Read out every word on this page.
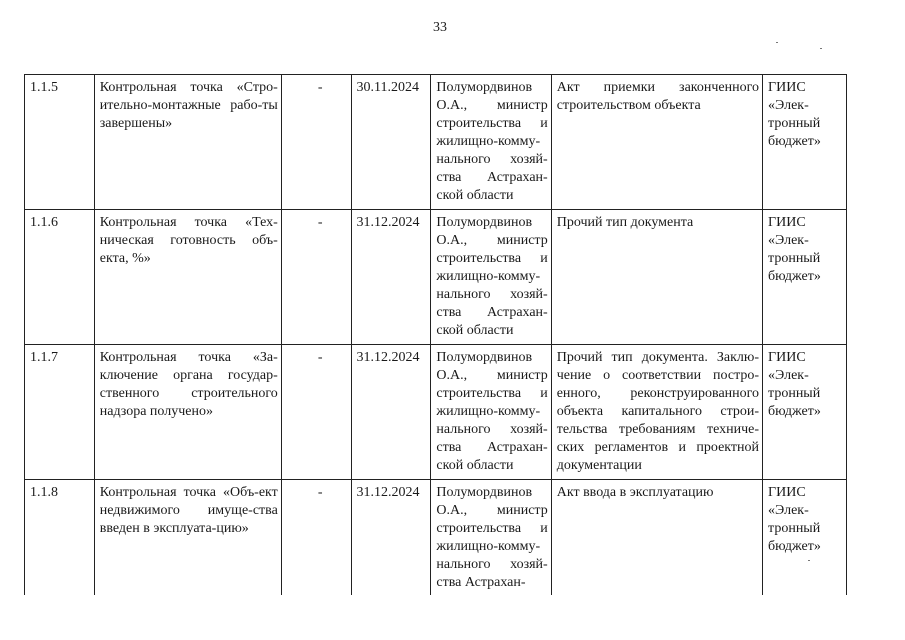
33
1.1.5	Контрольная точка «Стро-ительно-монтажные рабо-ты завершены»	-	30.11.2024	Полумордвинов О.А., министр строительства и жилищно-комму-нального хозяй-ства Астрахан-ской области	Акт приемки законченного строительством объекта	ГИИС «Элек-тронный бюджет»
1.1.6	Контрольная точка «Тех-ническая готовность объ-екта, %»	-	31.12.2024	Полумордвинов О.А., министр строительства и жилищно-комму-нального хозяй-ства Астрахан-ской области	Прочий тип документа	ГИИС «Элек-тронный бюджет»
1.1.7	Контрольная точка «За-ключение органа государ-ственного строительного надзора получено»	-	31.12.2024	Полумордвинов О.А., министр строительства и жилищно-комму-нального хозяй-ства Астрахан-ской области	Прочий тип документа. Заклю-чение о соответствии постро-енного, реконструированного объекта капитального строи-тельства требованиям техниче-ских регламентов и проектной документации	ГИИС «Элек-тронный бюджет»
1.1.8	Контрольная точка «Объ-ект недвижимого имуще-ства введен в эксплуата-цию»	-	31.12.2024	Полумордвинов О.А., министр строительства и жилищно-комму-нального хозяй-ства Астрахан-	Акт ввода в эксплуатацию	ГИИС «Элек-тронный бюджет»
